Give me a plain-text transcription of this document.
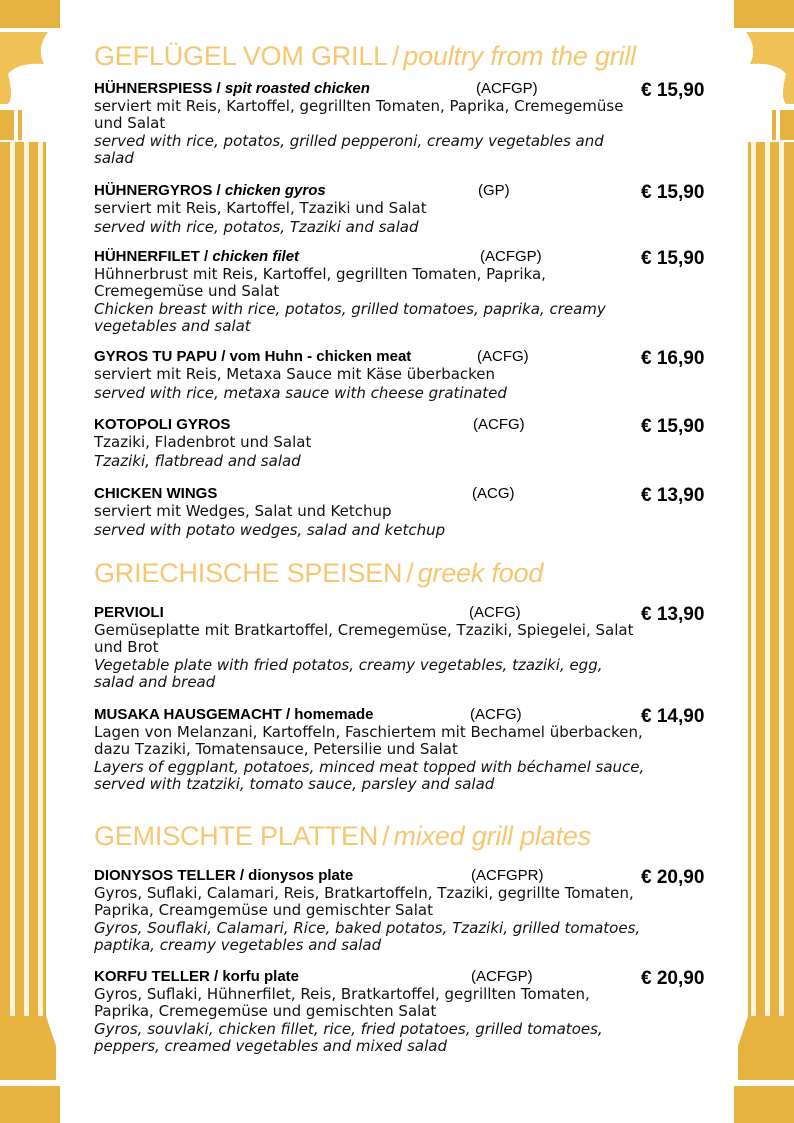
GEFLÜGEL VOM GRILL / poultry from the grill
HÜHNERSPIESS / spit roasted chicken	(ACFGP)	€ 15,90
serviert mit Reis, Kartoffel, gegrillten Tomaten, Paprika, Cremegemüse und Salat
served with rice, potatos, grilled pepperoni, creamy vegetables and salad
HÜHNERGYROS / chicken gyros	(GP)	€ 15,90
serviert mit Reis, Kartoffel, Tzaziki und Salat
served with rice, potatos, Tzaziki and salad
HÜHNERFILET / chicken filet	(ACFGP)	€ 15,90
Hühnerbrust mit Reis, Kartoffel, gegrillten Tomaten, Paprika, Cremegemüse und Salat
Chicken breast with rice, potatos, grilled tomatoes, paprika, creamy vegetables and salat
GYROS TU PAPU / vom Huhn - chicken meat	(ACFG)	€ 16,90
serviert mit Reis, Metaxa Sauce mit Käse überbacken
served with rice, metaxa sauce with cheese gratinated
KOTOPOLI GYROS	(ACFG)	€ 15,90
Tzaziki, Fladenbrot und Salat
Tzaziki, flatbread and salad
CHICKEN WINGS	(ACG)	€ 13,90
serviert mit Wedges, Salat und Ketchup
served with potato wedges, salad and ketchup
GRIECHISCHE SPEISEN / greek food
PERVIOLI	(ACFG)	€ 13,90
Gemüseplatte mit Bratkartoffel, Cremegemüse, Tzaziki, Spiegelei, Salat und Brot
Vegetable plate with fried potatos, creamy vegetables, tzaziki, egg, salad and bread
MUSAKA HAUSGEMACHT / homemade	(ACFG)	€ 14,90
Lagen von Melanzani, Kartoffeln, Faschiertem mit Bechamel überbacken, dazu Tzaziki, Tomatensauce, Petersilie und Salat
Layers of eggplant, potatoes, minced meat topped with béchamel sauce, served with tzatziki, tomato sauce, parsley and salad
GEMISCHTE PLATTEN / mixed grill plates
DIONYSOS TELLER / dionysos plate	(ACFGPR)	€ 20,90
Gyros, Suflaki, Calamari, Reis, Bratkartoffeln, Tzaziki, gegrillte Tomaten, Paprika, Creamgemüse und gemischter Salat
Gyros, Souflaki, Calamari, Rice, baked potatos, Tzaziki, grilled tomatoes, paptika, creamy vegetables and salad
KORFU TELLER / korfu plate	(ACFGP)	€ 20,90
Gyros, Suflaki, Hühnerfilet, Reis, Bratkartoffel, gegrillten Tomaten, Paprika, Cremegemüse und gemischten Salat
Gyros, souvlaki, chicken fillet, rice, fried potatoes, grilled tomatoes, peppers, creamed vegetables and mixed salad
